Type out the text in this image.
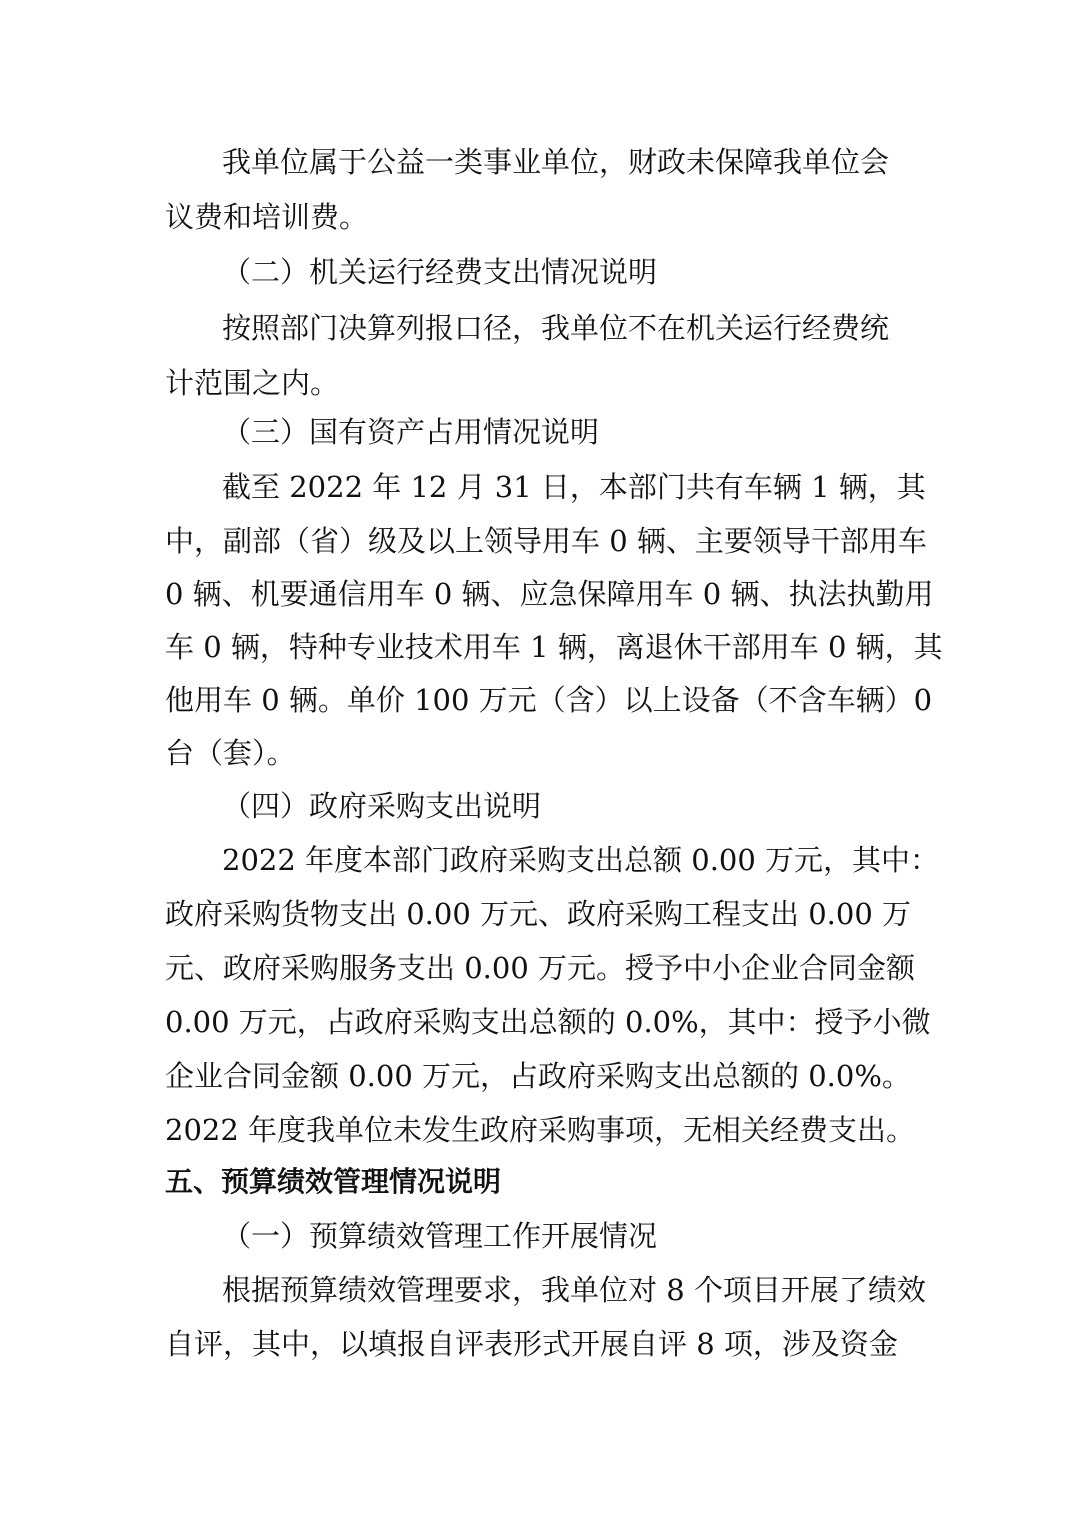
我单位属于公益一类事业单位，财政未保障我单位会
议费和培训费。
（二）机关运行经费支出情况说明
按照部门决算列报口径，我单位不在机关运行经费统
计范围之内。
（三）国有资产占用情况说明
截至 2022 年 12 月 31 日，本部门共有车辆 1 辆，其
中，副部（省）级及以上领导用车 0 辆、主要领导干部用车
0 辆、机要通信用车 0 辆、应急保障用车 0 辆、执法执勤用
车 0 辆，特种专业技术用车 1 辆，离退休干部用车 0 辆，其
他用车 0 辆。单价 100 万元（含）以上设备（不含车辆）0
台（套）。
（四）政府采购支出说明
2022 年度本部门政府采购支出总额 0.00 万元，其中：
政府采购货物支出 0.00 万元、政府采购工程支出 0.00 万
元、政府采购服务支出 0.00 万元。授予中小企业合同金额
0.00 万元，占政府采购支出总额的 0.0%，其中：授予小微
企业合同金额 0.00 万元，占政府采购支出总额的 0.0%。
2022 年度我单位未发生政府采购事项，无相关经费支出。
五、预算绩效管理情况说明
（一）预算绩效管理工作开展情况
根据预算绩效管理要求，我单位对 8 个项目开展了绩效
自评，其中，以填报自评表形式开展自评 8 项，涉及资金
